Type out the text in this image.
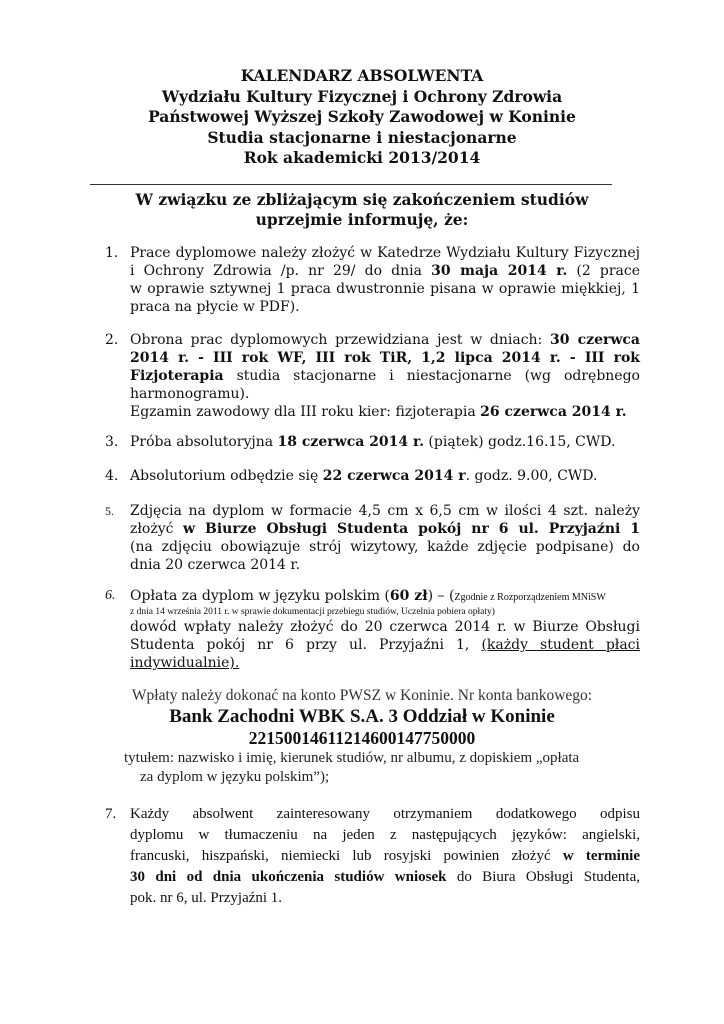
KALENDARZ ABSOLWENTA
Wydziału Kultury Fizycznej i Ochrony Zdrowia
Państwowej Wyższej Szkoły Zawodowej w Koninie
Studia stacjonarne i niestacjonarne
Rok akademicki 2013/2014
W związku ze zbliżającym się zakończeniem studiów
uprzejmie informuję, że:
1. Prace dyplomowe należy złożyć w Katedrze Wydziału Kultury Fizycznej
i Ochrony Zdrowia /p. nr 29/ do dnia 30 maja 2014 r. (2 prace
w oprawie sztywnej 1 praca dwustronnie pisana w oprawie miękkiej, 1
praca na płycie w PDF).
2. Obrona prac dyplomowych przewidziana jest w dniach: 30 czerwca
2014 r. - III rok WF, III rok TiR, 1,2 lipca 2014 r. - III rok
Fizjoterapia studia stacjonarne i niestacjonarne (wg odrębnego
harmonogramu).
Egzamin zawodowy dla III roku kier: fizjoterapia 26 czerwca 2014 r.
3. Próba absolutoryjna 18 czerwca 2014 r. (piątek) godz.16.15, CWD.
4. Absolutorium odbędzie się 22 czerwca 2014 r. godz. 9.00, CWD.
5. Zdjęcia na dyplom w formacie 4,5 cm x 6,5 cm w ilości 4 szt. należy
złożyć w Biurze Obsługi Studenta pokój nr 6 ul. Przyjaźni 1
(na zdjęciu obowiązuje strój wizytowy, każde zdjęcie podpisane) do
dnia 20 czerwca 2014 r.
6. Opłata za dyplom w języku polskim (60 zł) – (Zgodnie z Rozporządzeniem MNiSW
z dnia 14 września 2011 r. w sprawie dokumentacji przebiegu studiów, Uczelnia pobiera opłaty)
dowód wpłaty należy złożyć do 20 czerwca 2014 r. w Biurze Obsługi
Studenta pokój nr 6 przy ul. Przyjaźni 1, (każdy student płaci
indywidualnie).
Wpłaty należy dokonać na konto PWSZ w Koninie. Nr konta bankowego:
Bank Zachodni WBK S.A. 3 Oddział w Koninie
22150014611214600147750000
tytułem: nazwisko i imię, kierunek studiów, nr albumu, z dopiskiem „opłata
za dyplom w języku polskim”);
7. Każdy absolwent zainteresowany otrzymaniem dodatkowego odpisu
dyplomu w tłumaczeniu na jeden z następujących języków: angielski,
francuski, hiszpański, niemiecki lub rosyjski powinien złożyć w terminie
30 dni od dnia ukończenia studiów wniosek do Biura Obsługi Studenta,
pok. nr 6, ul. Przyjaźni 1.
